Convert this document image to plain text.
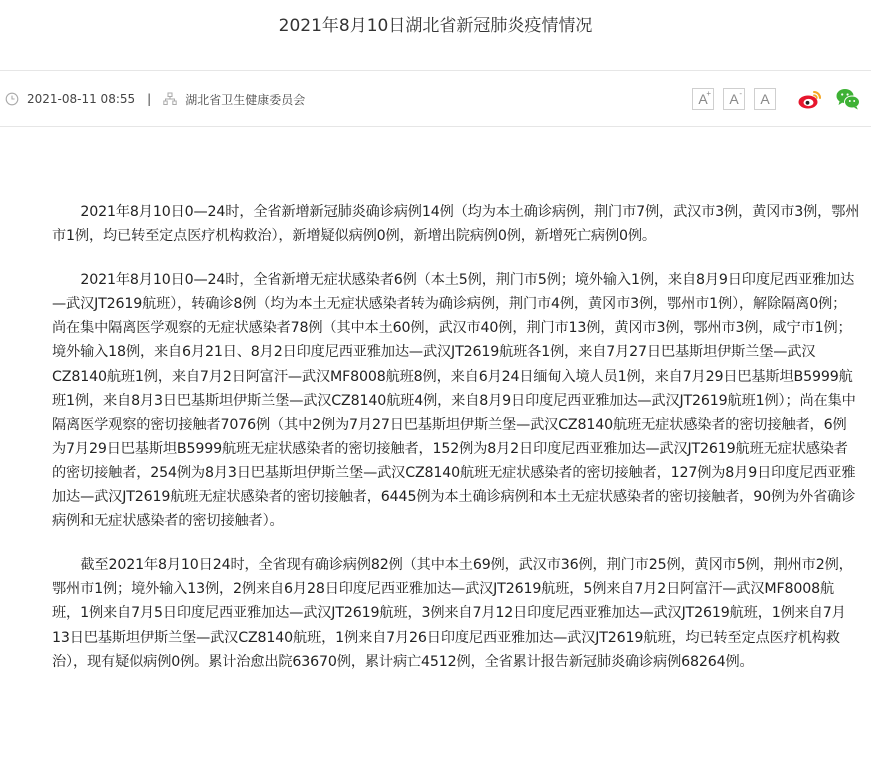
2021年8月10日湖北省新冠肺炎疫情情况
2021-08-11 08:55 |	湖北省卫生健康委员会	A
+ A- A

2021年8月10日0—24时，全省新增新冠肺炎确诊病例14例（均为本土确诊病例，荆门市7例，武汉市3例，黄冈市3例，鄂州市1例，均已转至定点医疗机构救治），新增疑似病例0例，新增出院病例0例，新增死亡病例0例。

2021年8月10日0—24时，全省新增无症状感染者6例（本土5例，荆门市5例；境外输入1例，来自8月9日印度尼西亚雅加达—武汉JT2619航班），转确诊8例（均为本土无症状感染者转为确诊病例，荆门市4例，黄冈市3例，鄂州市1例），解除隔离0例；尚在集中隔离医学观察的无症状感染者78例（其中本土60例，武汉市40例，荆门市13例，黄冈市3例，鄂州市3例，咸宁市1例；境外输入18例，来自6月21日、8月2日印度尼西亚雅加达—武汉JT2619航班各1例，来自7月27日巴基斯坦伊斯兰堡—武汉CZ8140航班1例，来自7月2日阿富汗—武汉MF8008航班8例，来自6月24日缅甸入境人员1例，来自7月29日巴基斯坦B5999航班1例，来自8月3日巴基斯坦伊斯兰堡—武汉CZ8140航班4例，来自8月9日印度尼西亚雅加达—武汉JT2619航班1例）；尚在集中隔离医学观察的密切接触者7076例（其中2例为7月27日巴基斯坦伊斯兰堡—武汉CZ8140航班无症状感染者的密切接触者，6例为7月29日巴基斯坦B5999航班无症状感染者的密切接触者，152例为8月2日印度尼西亚雅加达—武汉JT2619航班无症状感染者的密切接触者，254例为8月3日巴基斯坦伊斯兰堡—武汉CZ8140航班无症状感染者的密切接触者，127例为8月9日印度尼西亚雅加达—武汉JT2619航班无症状感染者的密切接触者，6445例为本土确诊病例和本土无症状感染者的密切接触者，90例为外省确诊病例和无症状感染者的密切接触者）。

截至2021年8月10日24时，全省现有确诊病例82例（其中本土69例，武汉市36例，荆门市25例，黄冈市5例，荆州市2例，鄂州市1例；境外输入13例，2例来自6月28日印度尼西亚雅加达—武汉JT2619航班，5例来自7月2日阿富汗—武汉MF8008航班，1例来自7月5日印度尼西亚雅加达—武汉JT2619航班，3例来自7月12日印度尼西亚雅加达—武汉JT2619航班，1例来自7月13日巴基斯坦伊斯兰堡—武汉CZ8140航班，1例来自7月26日印度尼西亚雅加达—武汉JT2619航班，均已转至定点医疗机构救治），现有疑似病例0例。累计治愈出院63670例，累计病亡4512例，全省累计报告新冠肺炎确诊病例68264例。
